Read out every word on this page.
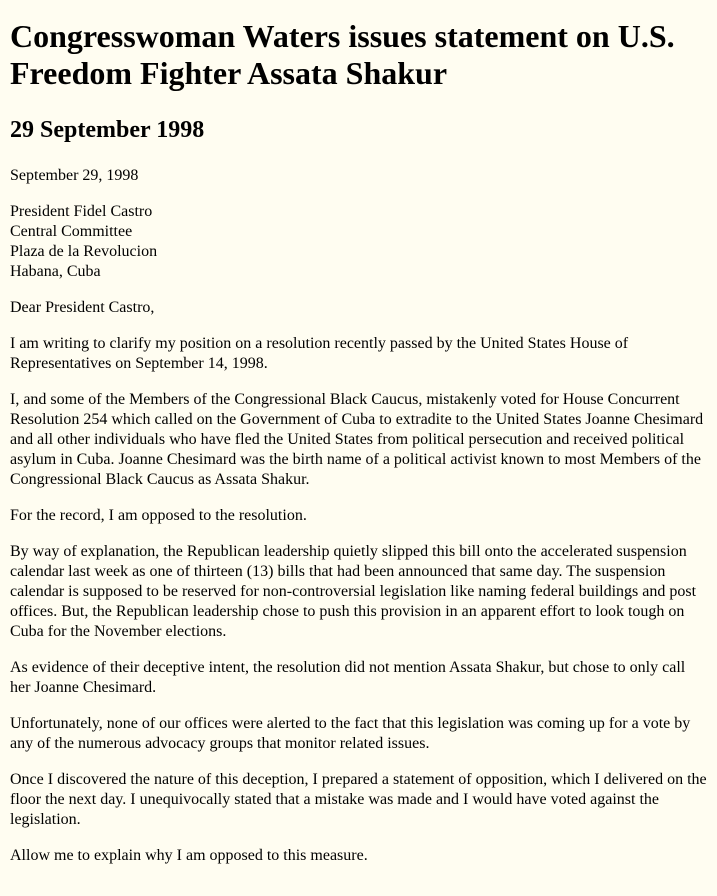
Congresswoman Waters issues statement on U.S. Freedom Fighter Assata Shakur
29 September 1998
September 29, 1998
President Fidel Castro
Central Committee
Plaza de la Revolucion
Habana, Cuba

Dear President Castro,

I am writing to clarify my position on a resolution recently passed by the United States House of Representatives on September 14, 1998.

I, and some of the Members of the Congressional Black Caucus, mistakenly voted for House Concurrent Resolution 254 which called on the Government of Cuba to extradite to the United States Joanne Chesimard and all other individuals who have fled the United States from political persecution and received political asylum in Cuba. Joanne Chesimard was the birth name of a political activist known to most Members of the Congressional Black Caucus as Assata Shakur.

For the record, I am opposed to the resolution.

By way of explanation, the Republican leadership quietly slipped this bill onto the accelerated suspension calendar last week as one of thirteen (13) bills that had been announced that same day. The suspension calendar is supposed to be reserved for non-controversial legislation like naming federal buildings and post offices. But, the Republican leadership chose to push this provision in an apparent effort to look tough on Cuba for the November elections.

As evidence of their deceptive intent, the resolution did not mention Assata Shakur, but chose to only call her Joanne Chesimard.

Unfortunately, none of our offices were alerted to the fact that this legislation was coming up for a vote by any of the numerous advocacy groups that monitor related issues.

Once I discovered the nature of this deception, I prepared a statement of opposition, which I delivered on the floor the next day. I unequivocally stated that a mistake was made and I would have voted against the legislation.

Allow me to explain why I am opposed to this measure.
